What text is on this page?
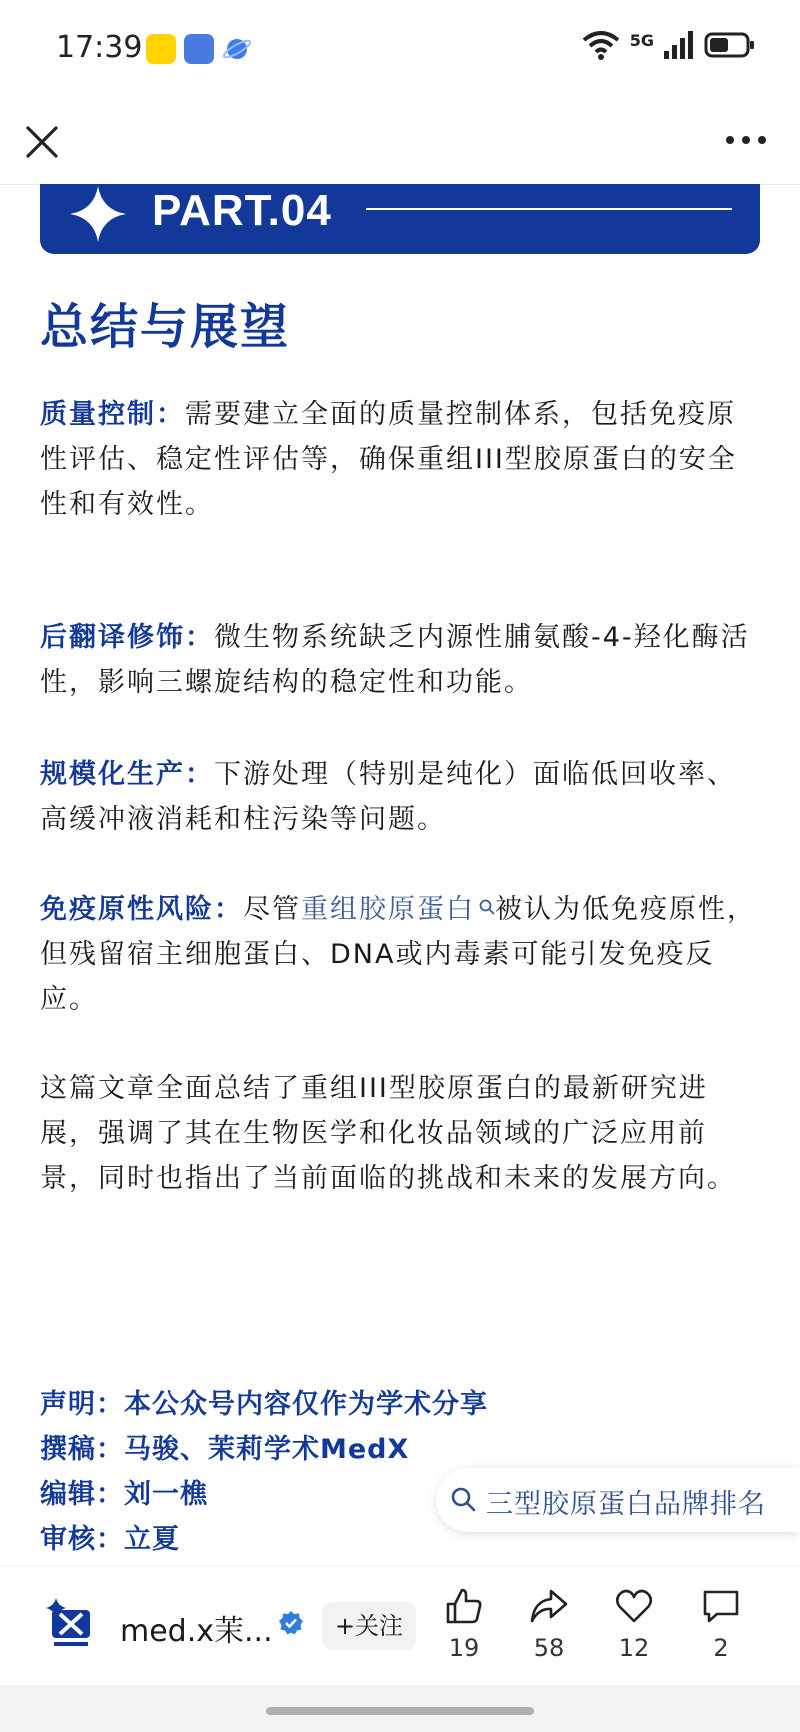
17:39	5G
PART.04
总结与展望
质量控制：需要建立全面的质量控制体系，包括免疫原性评估、稳定性评估等，确保重组III型胶原蛋白的安全性和有效性。
后翻译修饰：微生物系统缺乏内源性脯氨酸-4-羟化酶活性，影响三螺旋结构的稳定性和功能。
规模化生产：下游处理（特别是纯化）面临低回收率、高缓冲液消耗和柱污染等问题。
免疫原性风险：尽管重组胶原蛋白 被认为低免疫原性，但残留宿主细胞蛋白、DNA或内毒素可能引发免疫反应。
这篇文章全面总结了重组III型胶原蛋白的最新研究进展，强调了其在生物医学和化妆品领域的广泛应用前景，同时也指出了当前面临的挑战和未来的发展方向。
声明：本公众号内容仅作为学术分享
撰稿：马骏、茉莉学术MedX
编辑：刘一樵
审核：立夏
三型胶原蛋白品牌排名
med.x茉...	+关注
19	58	12	2
